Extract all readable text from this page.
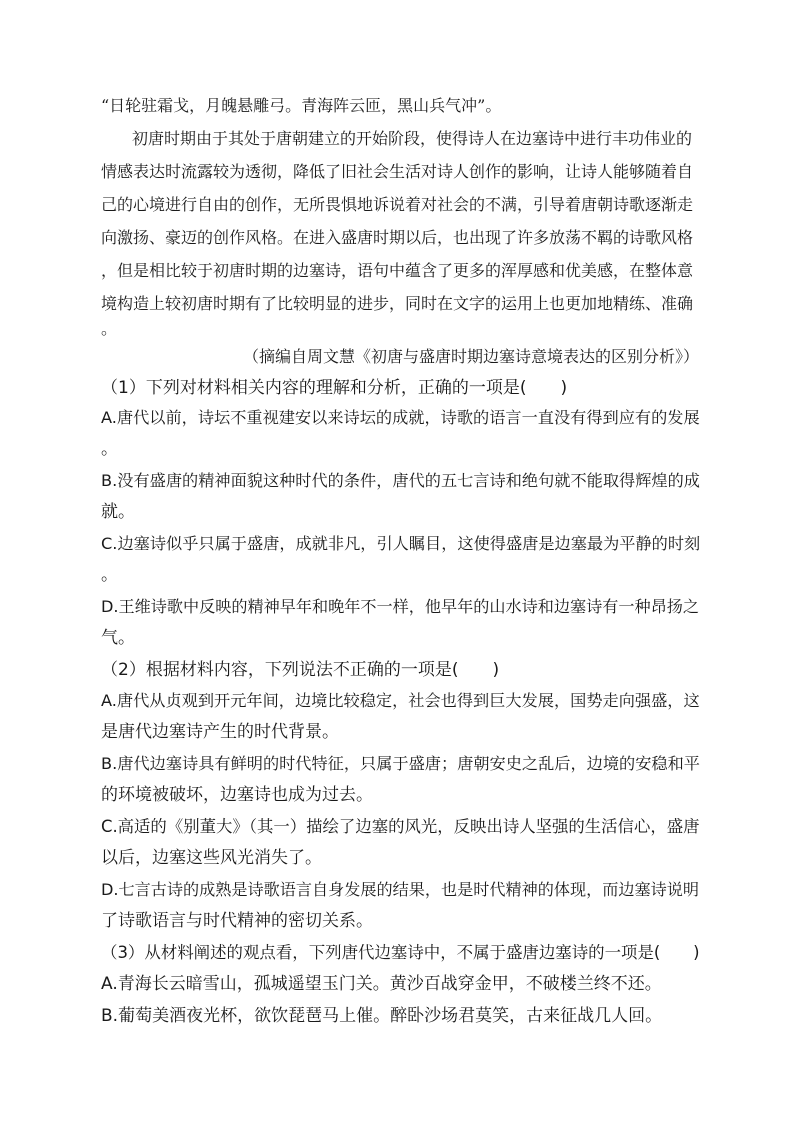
“日轮驻霜戈，月魄悬雕弓。青海阵云匝，黑山兵气冲”。
初唐时期由于其处于唐朝建立的开始阶段，使得诗人在边塞诗中进行丰功伟业的
情感表达时流露较为透彻，降低了旧社会生活对诗人创作的影响，让诗人能够随着自
己的心境进行自由的创作，无所畏惧地诉说着对社会的不满，引导着唐朝诗歌逐渐走
向激扬、豪迈的创作风格。在进入盛唐时期以后，也出现了许多放荡不羁的诗歌风格
，但是相比较于初唐时期的边塞诗，语句中蕴含了更多的浑厚感和优美感，在整体意
境构造上较初唐时期有了比较明显的进步，同时在文字的运用上也更加地精练、准确
。
（摘编自周文慧《初唐与盛唐时期边塞诗意境表达的区别分析》）
（1）下列对材料相关内容的理解和分析，正确的一项是(　　)
A.唐代以前，诗坛不重视建安以来诗坛的成就，诗歌的语言一直没有得到应有的发展
。
B.没有盛唐的精神面貌这种时代的条件，唐代的五七言诗和绝句就不能取得辉煌的成
就。
C.边塞诗似乎只属于盛唐，成就非凡，引人瞩目，这使得盛唐是边塞最为平静的时刻
。
D.王维诗歌中反映的精神早年和晚年不一样，他早年的山水诗和边塞诗有一种昂扬之
气。
（2）根据材料内容，下列说法不正确的一项是(　　)
A.唐代从贞观到开元年间，边境比较稳定，社会也得到巨大发展，国势走向强盛，这
是唐代边塞诗产生的时代背景。
B.唐代边塞诗具有鲜明的时代特征，只属于盛唐；唐朝安史之乱后，边境的安稳和平
的环境被破坏，边塞诗也成为过去。
C.高适的《别董大》（其一）描绘了边塞的风光，反映出诗人坚强的生活信心，盛唐
以后，边塞这些风光消失了。
D.七言古诗的成熟是诗歌语言自身发展的结果，也是时代精神的体现，而边塞诗说明
了诗歌语言与时代精神的密切关系。
（3）从材料阐述的观点看，下列唐代边塞诗中，不属于盛唐边塞诗的一项是(　　)
A.青海长云暗雪山，孤城遥望玉门关。黄沙百战穿金甲，不破楼兰终不还。
B.葡萄美酒夜光杯，欲饮琵琶马上催。醉卧沙场君莫笑，古来征战几人回。
